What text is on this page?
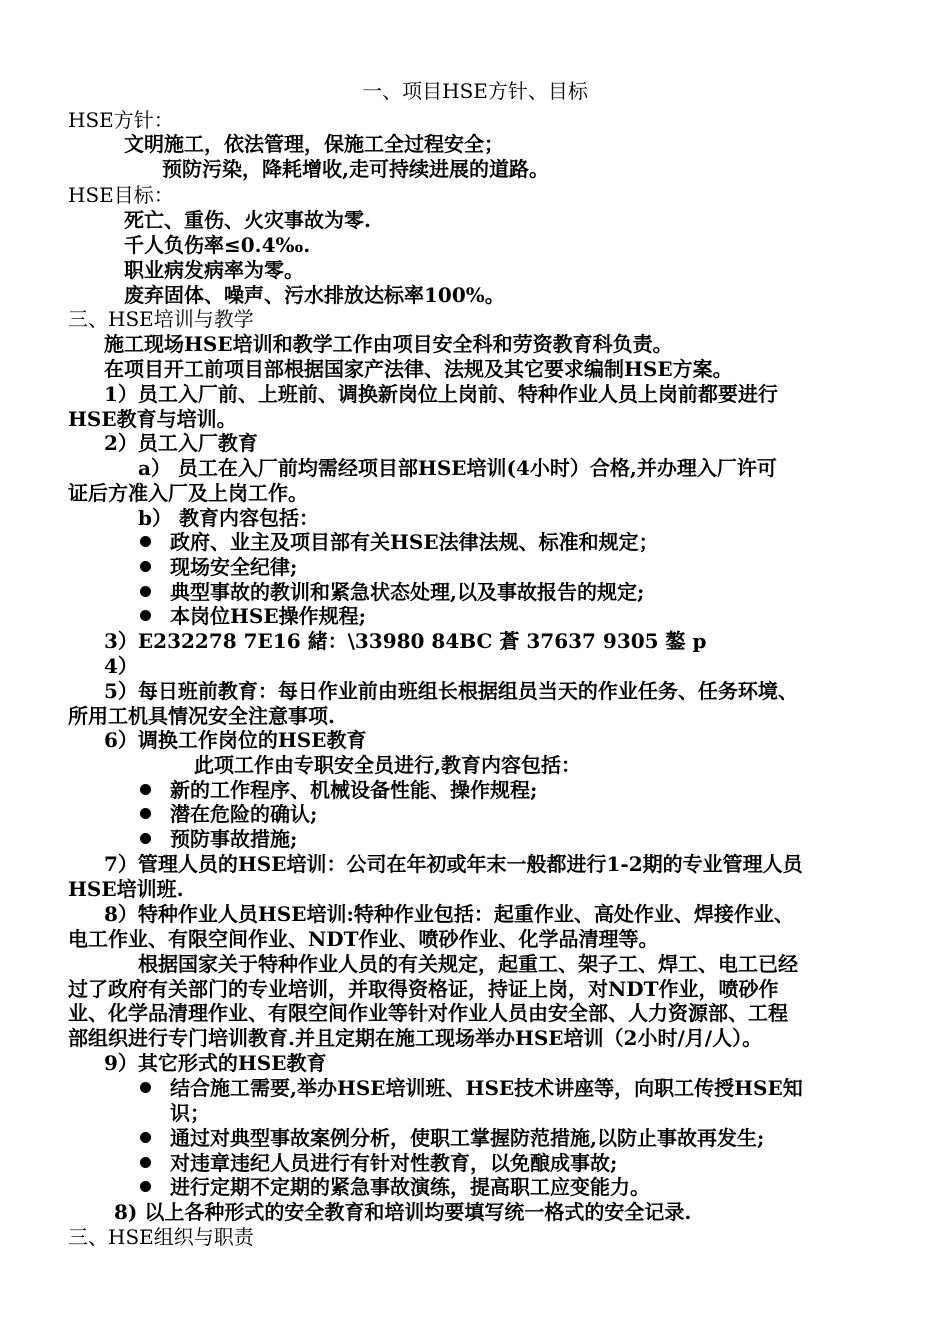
一、项目HSE方针、目标
HSE方针：
文明施工，依法管理，保施工全过程安全；
预防污染，降耗增收,走可持续进展的道路。
HSE目标：
死亡、重伤、火灾事故为零.
千人负伤率≤0.4‰.
职业病发病率为零。
废弃固体、噪声、污水排放达标率100%。
三、HSE培训与教学
施工现场HSE培训和教学工作由项目安全科和劳资教育科负责。
在项目开工前项目部根据国家产法律、法规及其它要求编制HSE方案。
1）员工入厂前、上班前、调换新岗位上岗前、特种作业人员上岗前都要进行
HSE教育与培训。
2）员工入厂教育
a） 员工在入厂前均需经项目部HSE培训(4小时）合格,并办理入厂许可
证后方准入厂及上岗工作。
b） 教育内容包括：
政府、业主及项目部有关HSE法律法规、标准和规定；
现场安全纪律;
典型事故的教训和紧急状态处理,以及事故报告的规定;
本岗位HSE操作规程;
3）E232278 7E16 緒：\33980 84BC 蒼 37637 9305 鏊 p
4）
5）每日班前教育：每日作业前由班组长根据组员当天的作业任务、任务环境、
所用工机具情况安全注意事项.
6）调换工作岗位的HSE教育
此项工作由专职安全员进行,教育内容包括：
新的工作程序、机械设备性能、操作规程;
潜在危险的确认;
预防事故措施;
7）管理人员的HSE培训：公司在年初或年末一般都进行1-2期的专业管理人员
HSE培训班.
8）特种作业人员HSE培训:特种作业包括：起重作业、高处作业、焊接作业、
电工作业、有限空间作业、NDT作业、喷砂作业、化学品清理等。
根据国家关于特种作业人员的有关规定，起重工、架子工、焊工、电工已经
过了政府有关部门的专业培训，并取得资格证，持证上岗，对NDT作业，喷砂作
业、化学品清理作业、有限空间作业等针对作业人员由安全部、人力资源部、工程
部组织进行专门培训教育.并且定期在施工现场举办HSE培训（2小时/月/人）。
9）其它形式的HSE教育
结合施工需要,举办HSE培训班、HSE技术讲座等，向职工传授HSE知
识；
通过对典型事故案例分析，使职工掌握防范措施,以防止事故再发生;
对违章违纪人员进行有针对性教育，以免酿成事故;
进行定期不定期的紧急事故演练，提高职工应变能力。
8) 以上各种形式的安全教育和培训均要填写统一格式的安全记录.
三、HSE组织与职责
